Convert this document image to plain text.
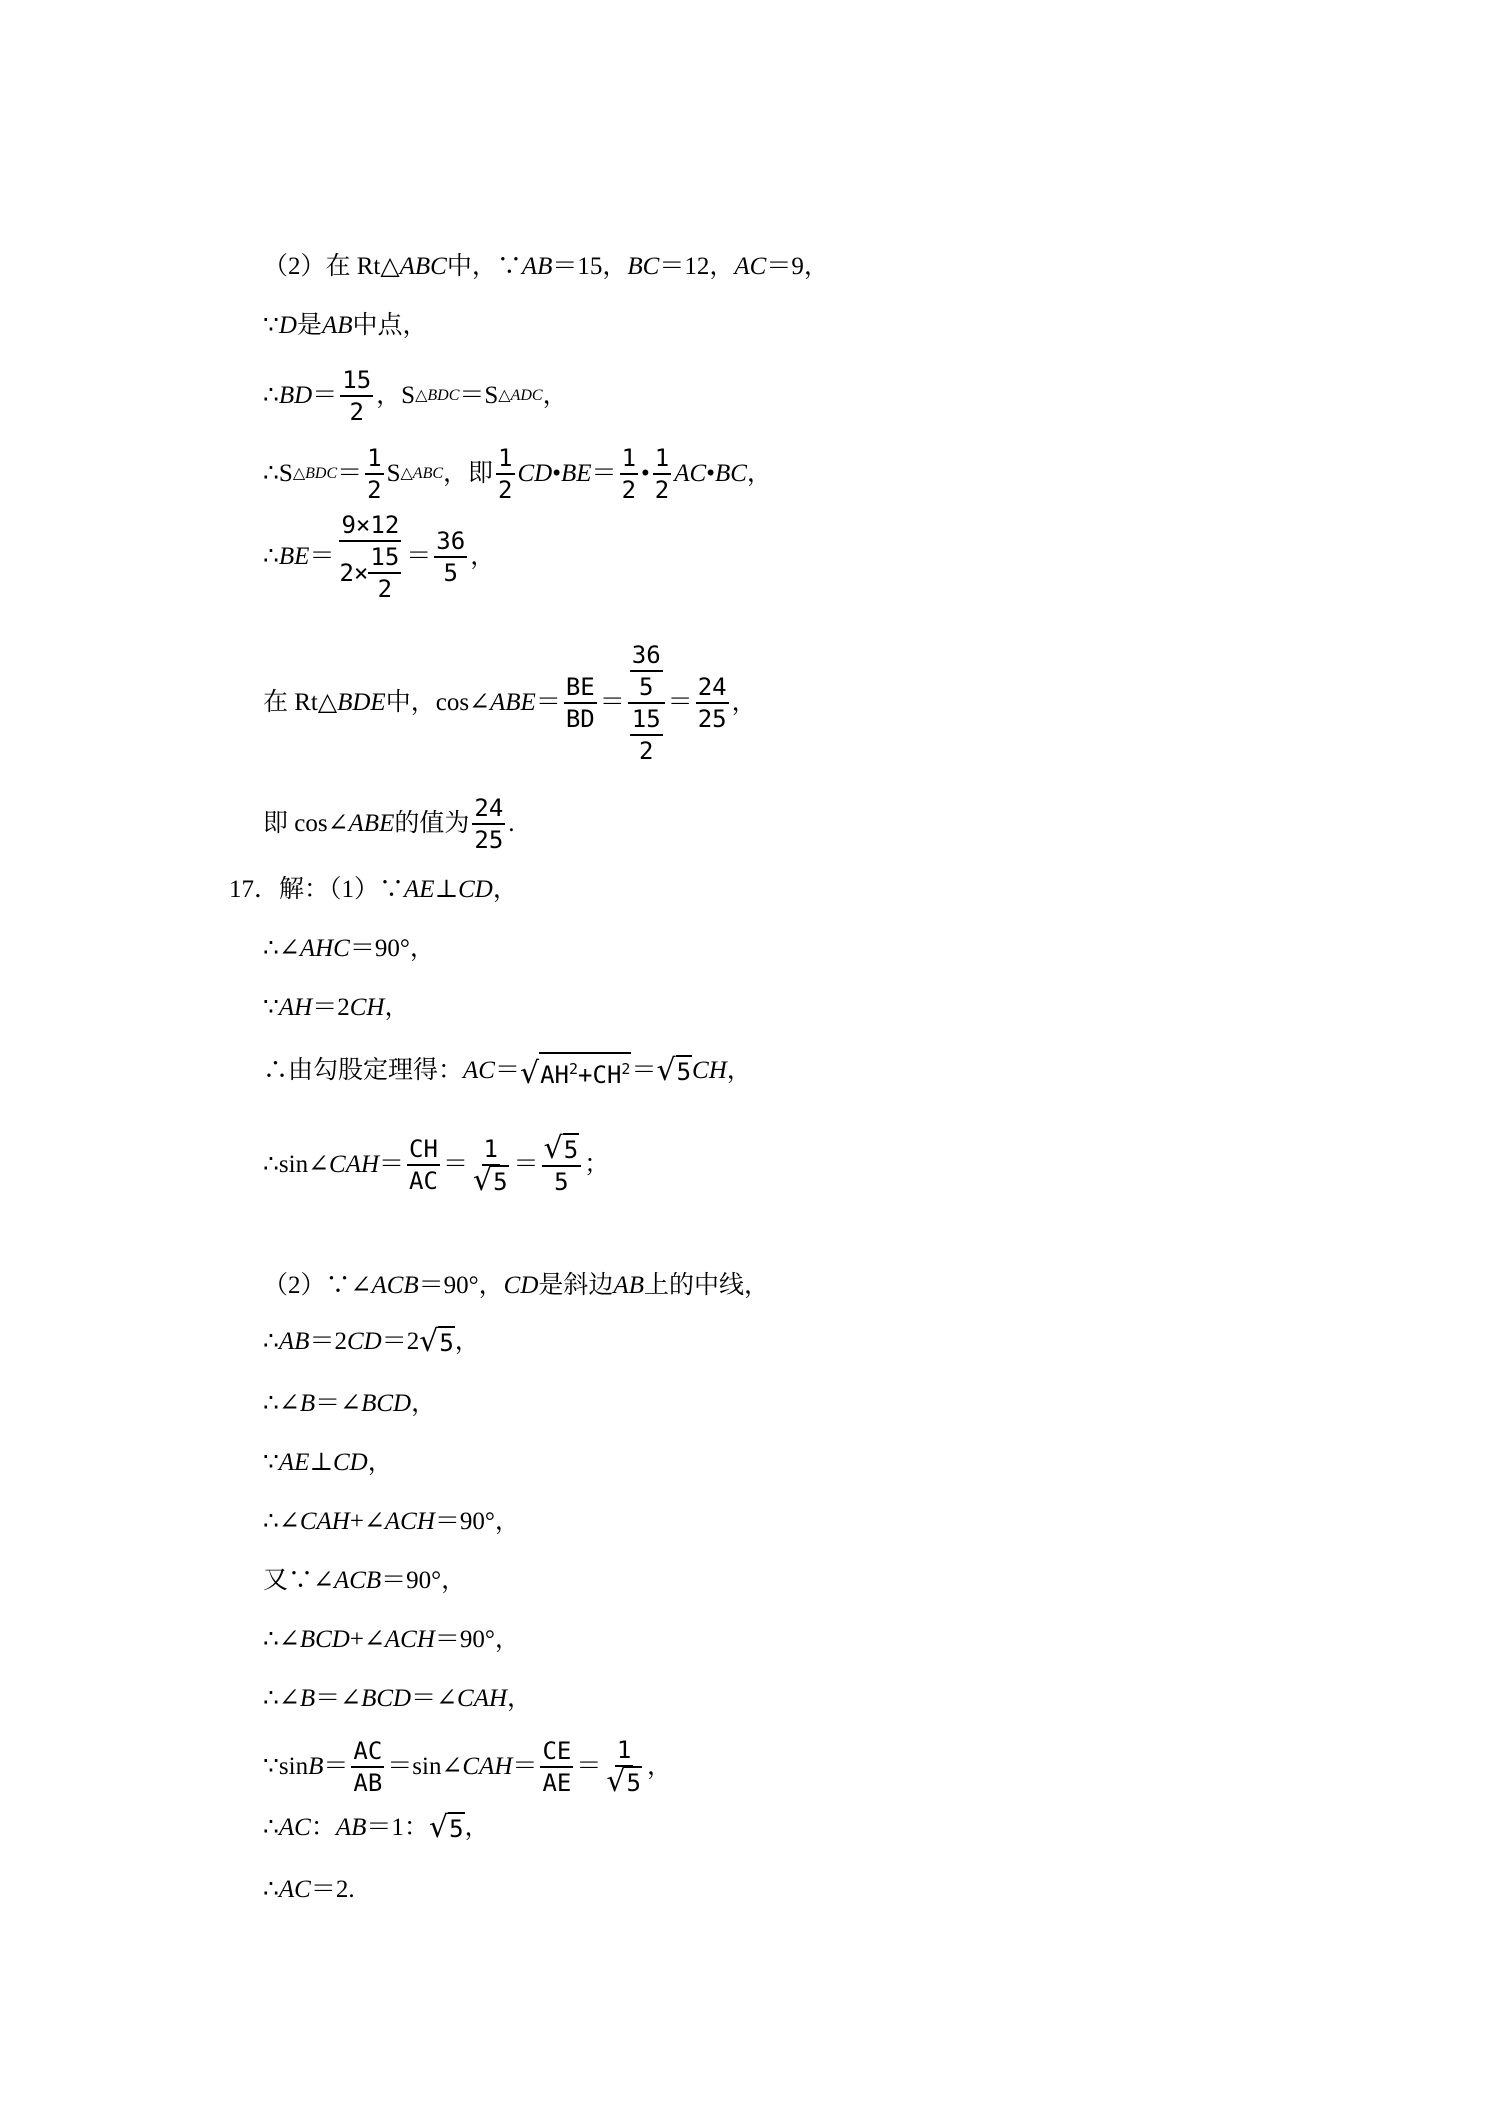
（2）在 Rt△ ABC 中，∵ AB ＝15， BC ＝12， AC ＝9，
∵ D 是 AB 中点，
∴ BD ＝ $\frac{15}{2}$ ，S △BDC ＝S △ADC ，
∴S △BDC ＝ $\frac{1}{2}$ S △ABC ，即 $\frac{1}{2}$ CD • BE ＝ $\frac{1}{2}$ • $\frac{1}{2}$ AC • BC ，
∴ BE ＝ $\frac{9\times 12}{2\times \frac{15}{2}} = \frac{36}{5}$ ，
在 Rt△ BDE 中，cos∠ ABE ＝ $\frac{BE}{BD} = \frac{\frac{36}{5}}{\frac{15}{2}} = \frac{24}{25}$ ，
即 cos∠ ABE 的值为 $\frac{24}{25}$ .
17．解：（1）∵ AE ⊥ CD ，
∴∠ AHC ＝90°，
∵ AH ＝2 CH ，
∴由勾股定理得： AC ＝ √ $AH^2+CH^2$ ＝ √ 5 CH ，
∴sin∠ CAH ＝ $\frac{CH}{AC} = \frac{1}{√5} = \frac{√ 5}{5}$ ；
（2）∵∠ ACB ＝90°， CD 是斜边 AB 上的中线，
∴ AB ＝2 CD ＝2 √ 5 ，
∴∠ B ＝∠ BCD ，
∵ AE ⊥ CD ，
∴∠ CAH +∠ ACH ＝90°，
又∵∠ ACB ＝90°，
∴∠ BCD +∠ ACH ＝90°，
∴∠ B ＝∠ BCD ＝∠ CAH ，
∵sin $B = \frac{AC}{AB}$ ＝sin∠ CAH ＝ $\frac{CE}{AE} = \frac{1}{√5}$ ，
∴ AC ： AB ＝1： √ 5 ，
∴ AC ＝2.
